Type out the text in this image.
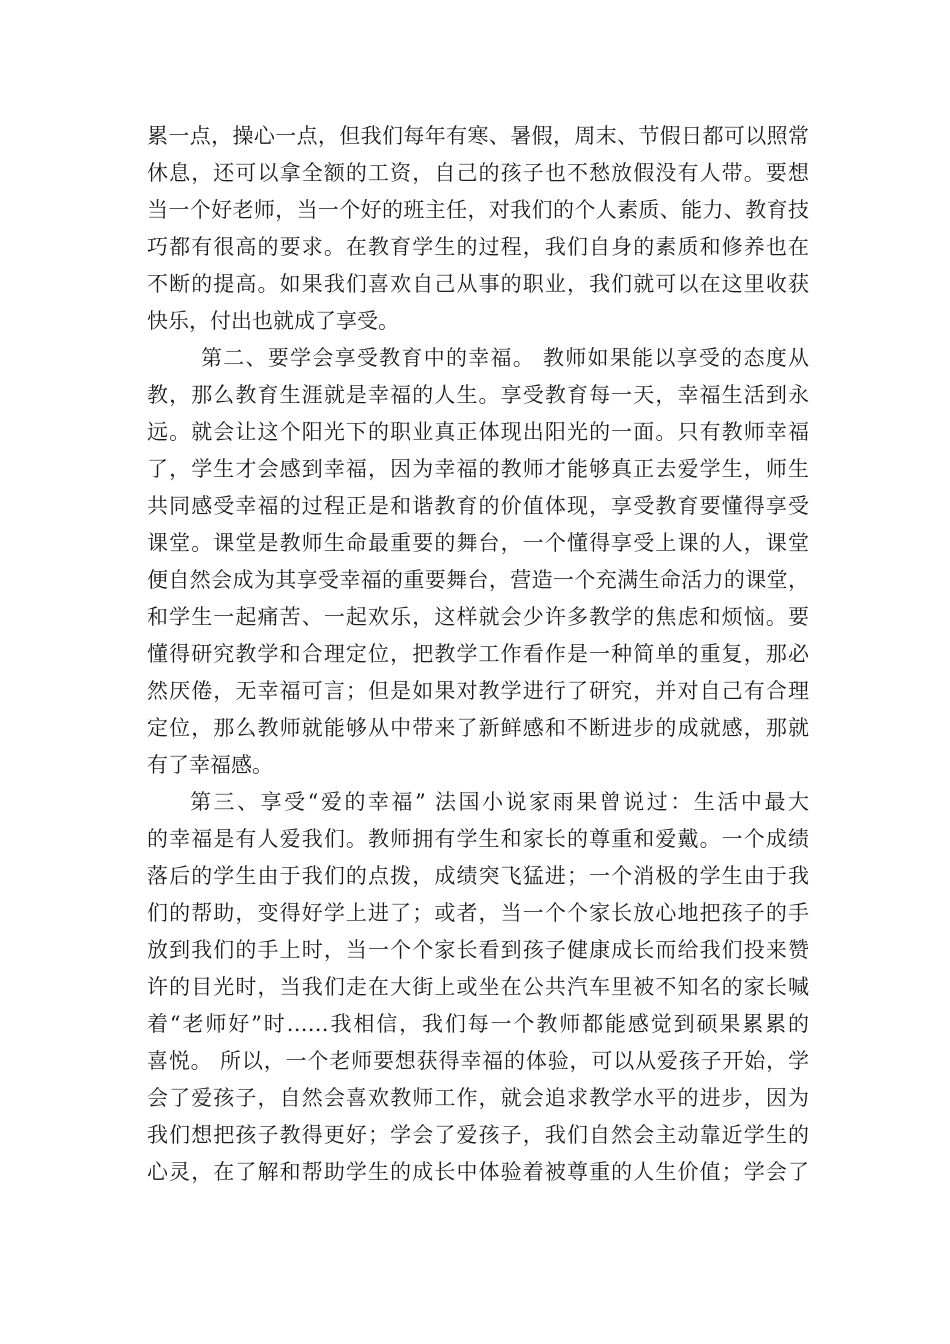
累一点，操心一点，但我们每年有寒、暑假，周末、节假日都可以照常
休息，还可以拿全额的工资，自己的孩子也不愁放假没有人带。要想
当一个好老师，当一个好的班主任，对我们的个人素质、能力、教育技
巧都有很高的要求。在教育学生的过程，我们自身的素质和修养也在
不断的提高。如果我们喜欢自己从事的职业，我们就可以在这里收获
快乐，付出也就成了享受。
第二、要学会享受教育中的幸福。 教师如果能以享受的态度从
教，那么教育生涯就是幸福的人生。享受教育每一天，幸福生活到永
远。就会让这个阳光下的职业真正体现出阳光的一面。只有教师幸福
了，学生才会感到幸福，因为幸福的教师才能够真正去爱学生，师生
共同感受幸福的过程正是和谐教育的价值体现，享受教育要懂得享受
课堂。课堂是教师生命最重要的舞台，一个懂得享受上课的人，课堂
便自然会成为其享受幸福的重要舞台，营造一个充满生命活力的课堂，
和学生一起痛苦、一起欢乐，这样就会少许多教学的焦虑和烦恼。要
懂得研究教学和合理定位，把教学工作看作是一种简单的重复，那必
然厌倦，无幸福可言；但是如果对教学进行了研究，并对自己有合理
定位，那么教师就能够从中带来了新鲜感和不断进步的成就感，那就
有了幸福感。
第三、享受“爱的幸福” 法国小说家雨果曾说过：生活中最大
的幸福是有人爱我们。教师拥有学生和家长的尊重和爱戴。一个成绩
落后的学生由于我们的点拨，成绩突飞猛进；一个消极的学生由于我
们的帮助，变得好学上进了；或者，当一个个家长放心地把孩子的手
放到我们的手上时，当一个个家长看到孩子健康成长而给我们投来赞
许的目光时，当我们走在大街上或坐在公共汽车里被不知名的家长喊
着“老师好”时……我相信，我们每一个教师都能感觉到硕果累累的
喜悦。 所以，一个老师要想获得幸福的体验，可以从爱孩子开始，学
会了爱孩子，自然会喜欢教师工作，就会追求教学水平的进步，因为
我们想把孩子教得更好；学会了爱孩子，我们自然会主动靠近学生的
心灵，在了解和帮助学生的成长中体验着被尊重的人生价值；学会了
